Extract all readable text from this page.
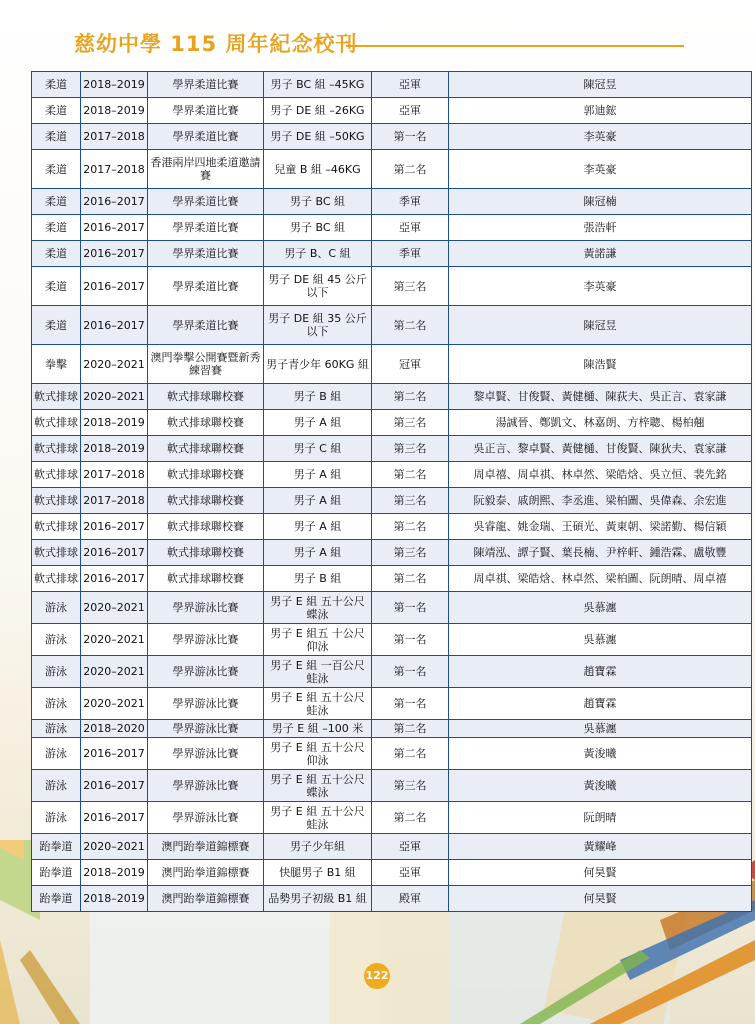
慈幼中學 115 周年紀念校刊
柔道	2018–2019	學界柔道比賽	男子 BC 組 –45KG	亞軍	陳冠昱
柔道	2018–2019	學界柔道比賽	男子 DE 組 –26KG	亞軍	郭迪鋐
柔道	2017–2018	學界柔道比賽	男子 DE 組 –50KG	第一名	李英豪
柔道	2017–2018	香港兩岸四地柔道邀請賽	兒童 B 組 –46KG	第二名	李英豪
柔道	2016–2017	學界柔道比賽	男子 BC 組	季軍	陳冠楠
柔道	2016–2017	學界柔道比賽	男子 BC 組	亞軍	張浩軒
柔道	2016–2017	學界柔道比賽	男子 B、C 組	季軍	黃諾謙
柔道	2016–2017	學界柔道比賽	男子 DE 組 45 公斤以下	第三名	李英豪
柔道	2016–2017	學界柔道比賽	男子 DE 組 35 公斤以下	第二名	陳冠昱
拳擊	2020–2021	澳門拳擊公開賽暨新秀練習賽	男子青少年 60KG 組	冠軍	陳浩賢
軟式排球	2020–2021	軟式排球聯校賽	男子 B 組	第二名	黎卓賢、甘俊賢、黃健樋、陳荻夫、吳正言、袁家謙
軟式排球	2018–2019	軟式排球聯校賽	男子 A 組	第三名	湯誠晉、鄭凱文、林嘉朗、方梓聰、楊柏翹
軟式排球	2018–2019	軟式排球聯校賽	男子 C 組	第三名	吳正言、黎卓賢、黃健樋、甘俊賢、陳狄夫、袁家謙
軟式排球	2017–2018	軟式排球聯校賽	男子 A 組	第二名	周卓禧、周卓祺、林卓然、梁皓焓、吳立恒、裴先銘
軟式排球	2017–2018	軟式排球聯校賽	男子 A 組	第三名	阮毅泰、戚朗熙、李丞進、梁柏圖、吳偉森、余宏進
軟式排球	2016–2017	軟式排球聯校賽	男子 A 組	第二名	吳睿龍、姚金瑞、王碩光、黃東朝、梁諾勤、楊信穎
軟式排球	2016–2017	軟式排球聯校賽	男子 A 組	第三名	陳靖泓、譚子賢、葉長楠、尹梓軒、鍾浩霖、盧敬豐
軟式排球	2016–2017	軟式排球聯校賽	男子 B 組	第二名	周卓祺、梁皓焓、林卓然、梁柏圖、阮朗晴、周卓禧
游泳	2020–2021	學界游泳比賽	男子 E 組 五十公尺蝶泳	第一名	吳慕瀍
游泳	2020–2021	學界游泳比賽	男子 E 組五 十公尺仰泳	第一名	吳慕瀍
游泳	2020–2021	學界游泳比賽	男子 E 組 一百公尺蛙泳	第一名	趙寶霖
游泳	2020–2021	學界游泳比賽	男子 E 組 五十公尺蛙泳	第一名	趙寶霖
游泳	2018–2020	學界游泳比賽	男子 E 組 –100 米	第二名	吳慕瀍
游泳	2016–2017	學界游泳比賽	男子 E 組 五十公尺仰泳	第二名	黃浚曦
游泳	2016–2017	學界游泳比賽	男子 E 組 五十公尺蝶泳	第三名	黃浚曦
游泳	2016–2017	學界游泳比賽	男子 E 組 五十公尺蛙泳	第二名	阮朗晴
跆拳道	2020–2021	澳門跆拳道錦標賽	男子少年組	亞軍	黃耀峰
跆拳道	2018–2019	澳門跆拳道錦標賽	快腿男子 B1 組	亞軍	何昊賢
跆拳道	2018–2019	澳門跆拳道錦標賽	品勢男子初級 B1 組	殿軍	何昊賢
122
